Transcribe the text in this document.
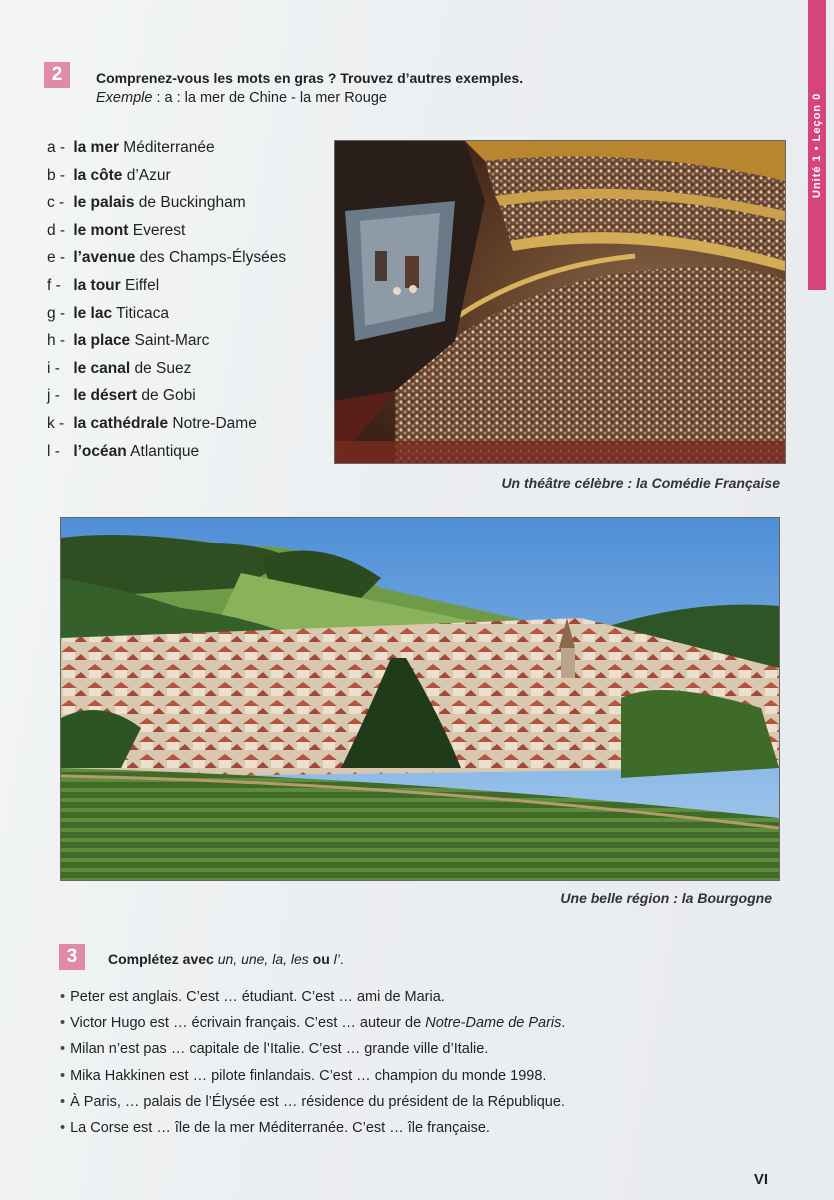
Unité 1 • Leçon 0
2	Comprenez-vous les mots en gras ? Trouvez d’autres exemples.
Exemple : a : la mer de Chine - la mer Rouge
a - la mer Méditerranée
b - la côte d’Azur
c - le palais de Buckingham
d - le mont Everest
e - l’avenue des Champs-Élysées
f - la tour Eiffel
g - le lac Titicaca
h - la place Saint-Marc
i - le canal de Suez
j - le désert de Gobi
k - la cathédrale Notre-Dame
l - l’océan Atlantique
Un théâtre célèbre : la Comédie Française
Une belle région : la Bourgogne
3	Complétez avec un, une, la, les ou l’.
• Peter est anglais. C’est … étudiant. C’est … ami de Maria.
• Victor Hugo est … écrivain français. C’est … auteur de Notre-Dame de Paris.
• Milan n’est pas … capitale de l’Italie. C’est … grande ville d’Italie.
• Mika Hakkinen est … pilote finlandais. C’est … champion du monde 1998.
• À Paris, … palais de l’Élysée est … résidence du président de la République.
• La Corse est … île de la mer Méditerranée. C’est … île française.
VI
